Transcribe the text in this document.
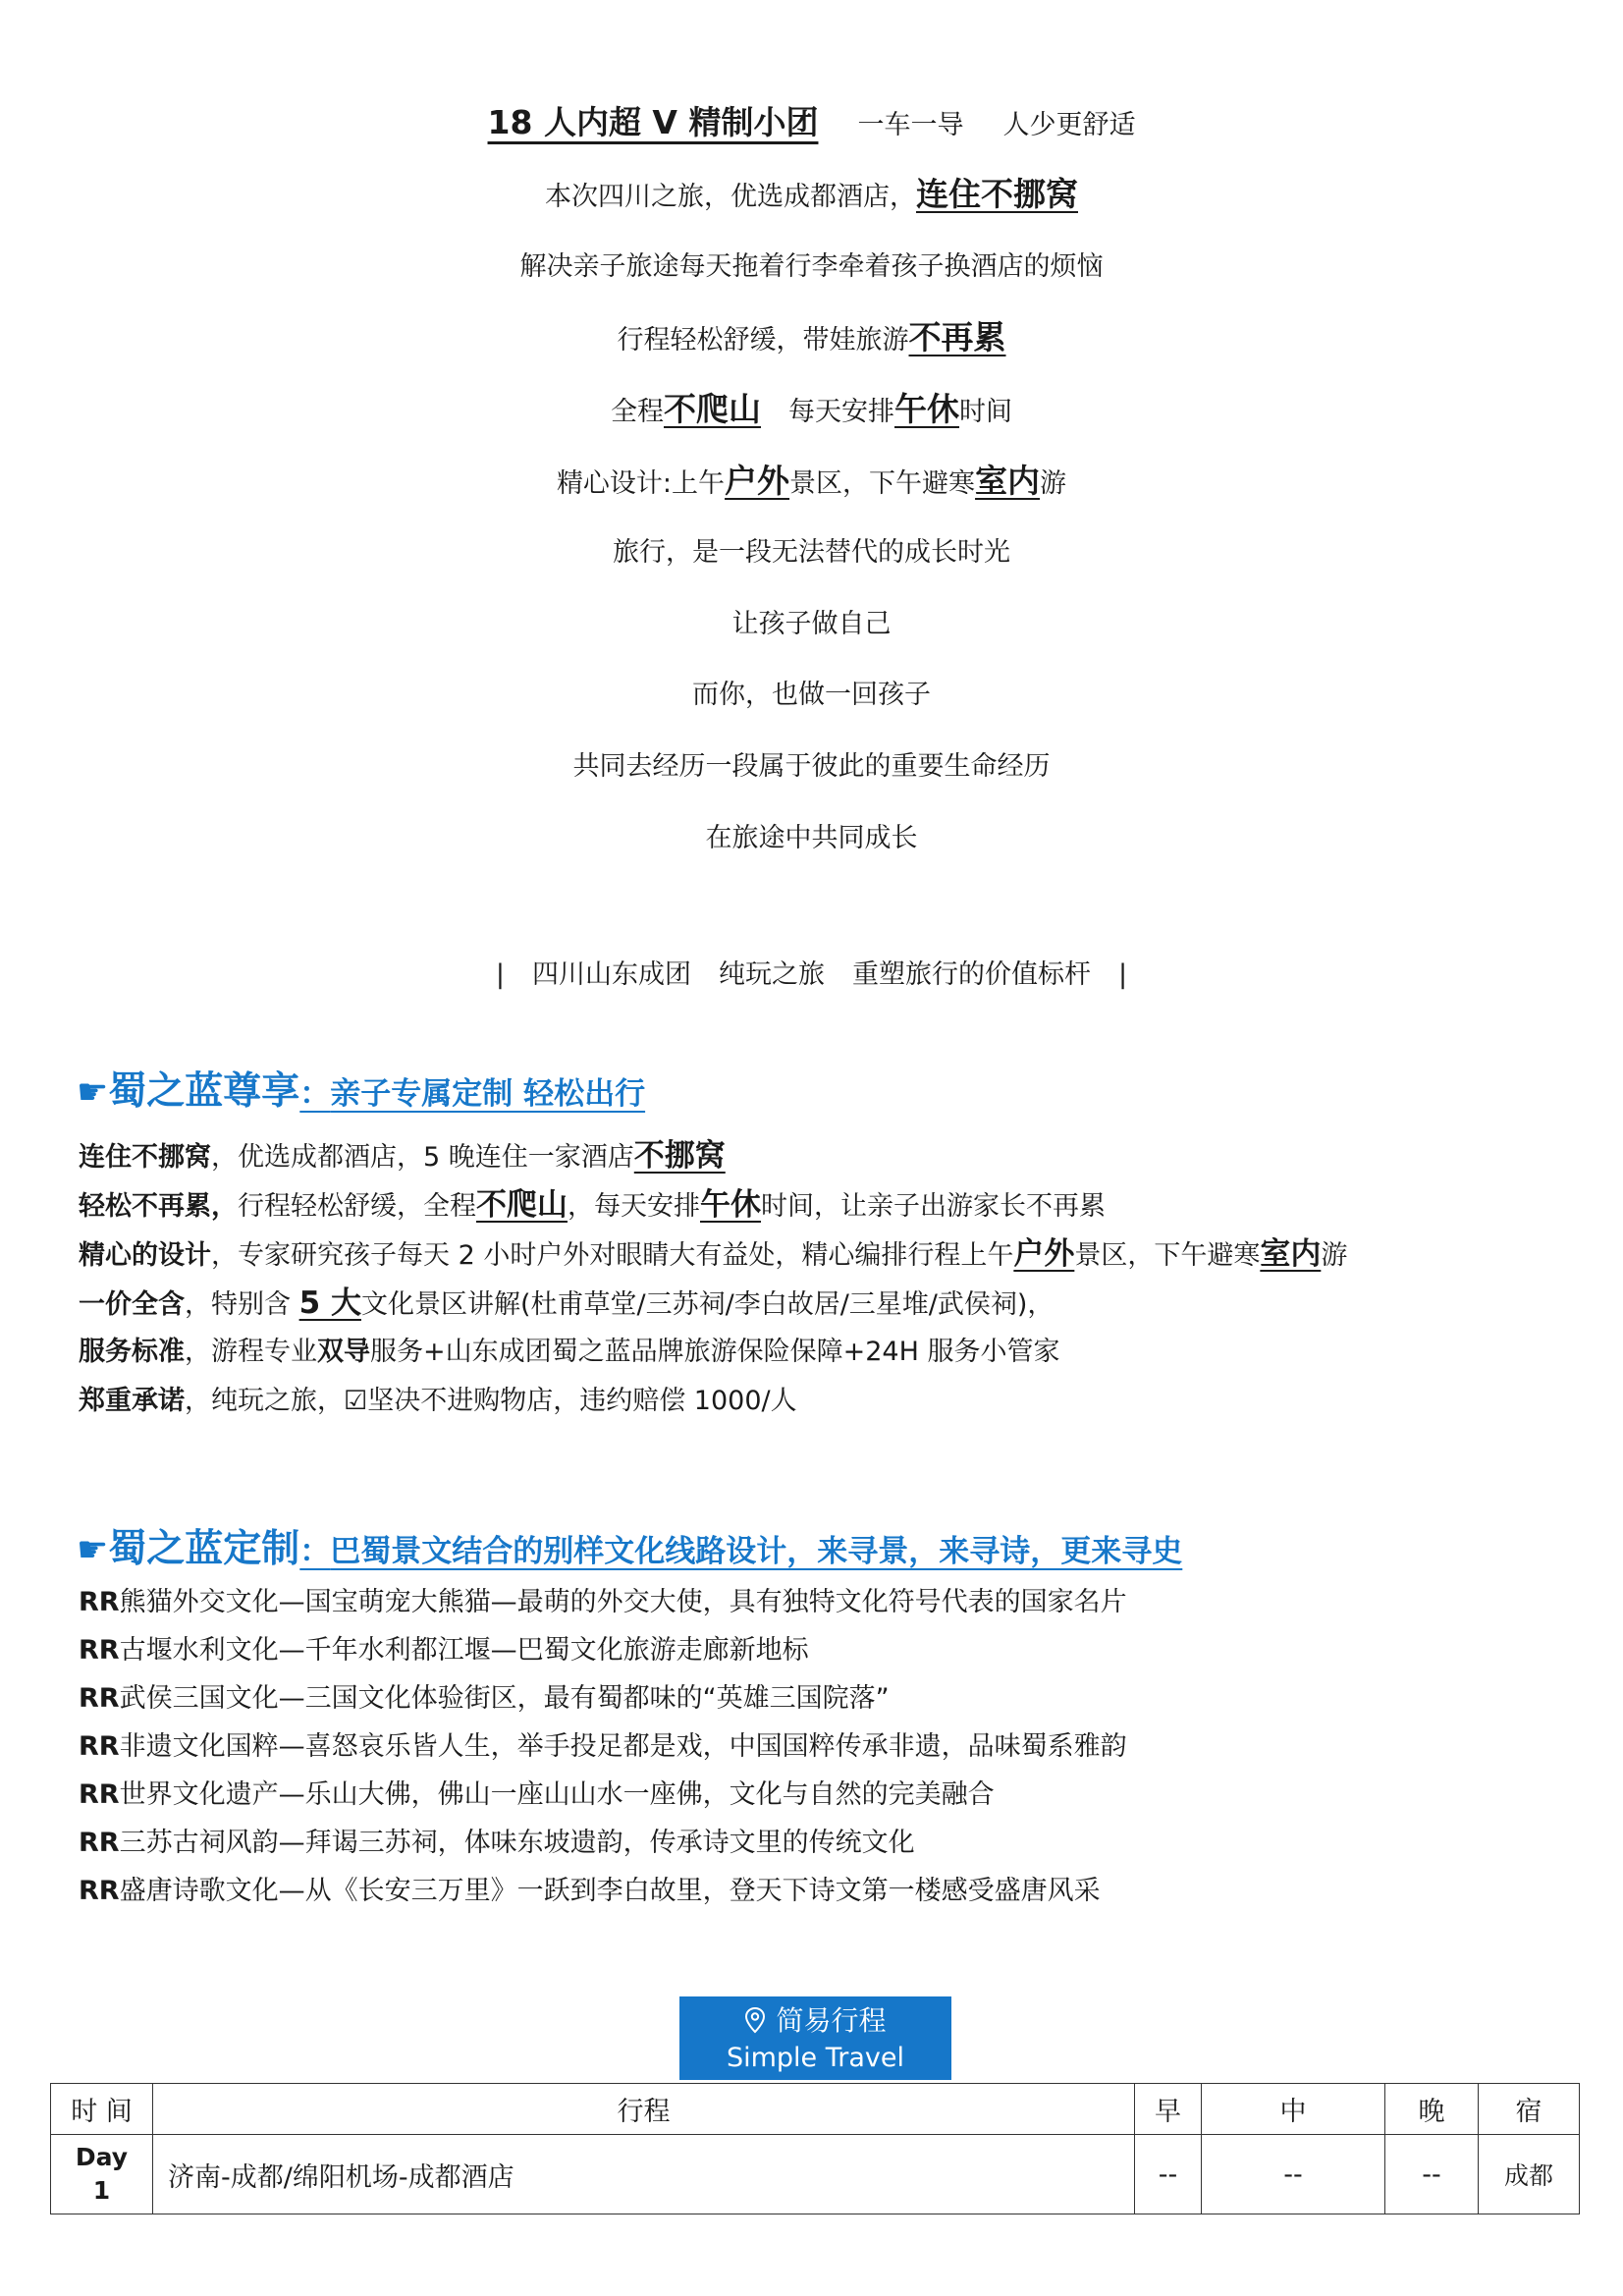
18 人内超 V 精制小团 一车一导 人少更舒适
本次四川之旅，优选成都酒店，连住不挪窝
解决亲子旅途每天拖着行李牵着孩子换酒店的烦恼
行程轻松舒缓，带娃旅游不再累
全程不爬山 每天安排午休时间
精心设计:上午户外景区，下午避寒室内游
旅行，是一段无法替代的成长时光
让孩子做自己
而你，也做一回孩子
共同去经历一段属于彼此的重要生命经历
在旅途中共同成长
| 四川山东成团 纯玩之旅 重塑旅行的价值标杆 |
☛蜀之蓝尊享：亲子专属定制 轻松出行
连住不挪窝，优选成都酒店，5 晚连住一家酒店不挪窝
轻松不再累，行程轻松舒缓，全程不爬山，每天安排午休时间，让亲子出游家长不再累
精心的设计，专家研究孩子每天 2 小时户外对眼睛大有益处，精心编排行程上午户外景区，下午避寒室内游
一价全含，特别含 5 大文化景区讲解(杜甫草堂/三苏祠/李白故居/三星堆/武侯祠)，
服务标准，游程专业双导服务+山东成团蜀之蓝品牌旅游保险保障+24H 服务小管家
郑重承诺，纯玩之旅，☑坚决不进购物店，违约赔偿 1000/人
☛蜀之蓝定制：巴蜀景文结合的别样文化线路设计，来寻景，来寻诗，更来寻史
RR熊猫外交文化—国宝萌宠大熊猫—最萌的外交大使，具有独特文化符号代表的国家名片
RR古堰水利文化—千年水利都江堰—巴蜀文化旅游走廊新地标
RR武侯三国文化—三国文化体验街区，最有蜀都味的“英雄三国院落”
RR非遗文化国粹—喜怒哀乐皆人生，举手投足都是戏，中国国粹传承非遗，品味蜀系雅韵
RR世界文化遗产—乐山大佛，佛山一座山山水一座佛，文化与自然的完美融合
RR三苏古祠风韵—拜谒三苏祠，体味东坡遗韵，传承诗文里的传统文化
RR盛唐诗歌文化—从《长安三万里》一跃到李白故里，登天下诗文第一楼感受盛唐风采
简易行程
Simple Travel
时 间	行程	早	中	晚	宿

Day
1	济南-成都/绵阳机场-成都酒店	--	--	--	成都
